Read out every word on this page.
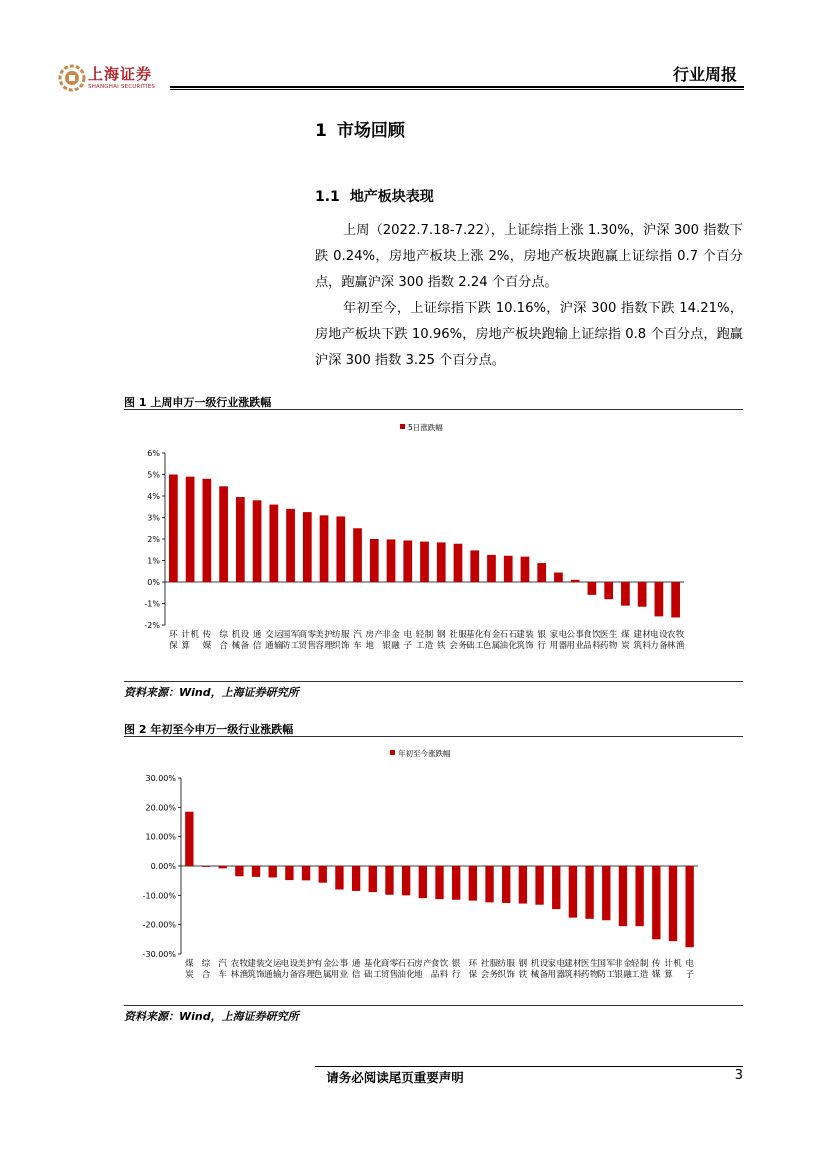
上海证券
SHANGHAI SECURITIES
行业周报
1 市场回顾
1.1 地产板块表现

上周（2022.7.18-7.22），上证综指上涨 1.30%，沪深 300 指数下跌 0.24%，房地产板块上涨 2%，房地产板块跑赢上证综指 0.7 个百分点，跑赢沪深 300 指数 2.24 个百分点。

年初至今，上证综指下跌 10.16%，沪深 300 指数下跌 14.21%，房地产板块下跌 10.96%，房地产板块跑输上证综指 0.8 个百分点，跑赢沪深 300 指数 3.25 个百分点。

图 1 上周申万一级行业涨跌幅
5日涨跌幅
6%
5%
4%
3%
2%
1%
0%
-1%
-2%
环
保
计
算
机 传
媒
综
合
机
械
设
备
通
信
交
通
运
输
国
防
军
工
商
贸
零
售
美
容
护
理
纺
织
服
饰
汽
车
房
地
产 非
银
金
融
电
子
轻
工
制
造
钢
铁
社
会
服
务
基
础
化
工
有
色
金
属
石
油
石
化
建
筑
装
饰
银
行
家
用
电
器
公
用
事
业
食
品
饮
料
医
药
生
物
煤
炭
建
筑
材
料
电
力
设
备
农
林
牧
渔
资料来源：Wind，上海证券研究所
图 2 年初至今申万一级行业涨跌幅
年初至今涨跌幅
30.00%
20.00%
10.00%
0.00%
-10.00%
-20.00%
-30.00%
煤
炭
综
合
汽
车
农
林
牧
渔
建
筑
装
饰
交
通
运
输
电
力
设
备
美
容
护
理
有
色
金
属
公
用
事
业
通
信
基
础
化
工
商
贸
零
售
石
油
石
化
房
地
产 食
品
饮
料
银
行
环
保
社
会
服
务
纺
织
服
饰
钢
铁
机
械
设
备
家
用
电
器
建
筑
材
料
医
药
生
物
国
防
军
工
非
银
金
融
轻
工
制
造
传
媒
计
算
机 电
子
资料来源：Wind，上海证券研究所
请务必阅读尾页重要声明	3
